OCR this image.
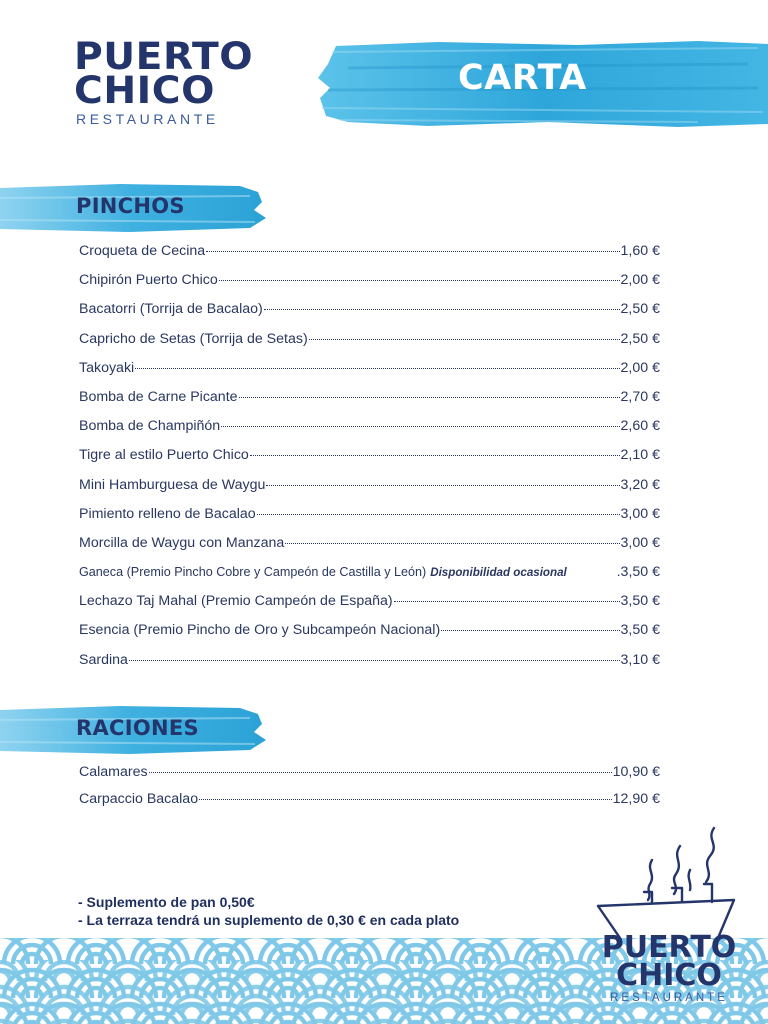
PUERTO
CHICO
RESTAURANTE
CARTA
PINCHOS
Croqueta de Cecina	1,60 €
Chipirón Puerto Chico	2,00 €
Bacatorri (Torrija de Bacalao)	2,50 €
Capricho de Setas (Torrija de Setas)	2,50 €
Takoyaki	2,00 €
Bomba de Carne Picante	2,70 €
Bomba de Champiñón	2,60 €
Tigre al estilo Puerto Chico	2,10 €
Mini Hamburguesa de Waygu	3,20 €
Pimiento relleno de Bacalao	3,00 €
Morcilla de Waygu con Manzana	3,00 €
Ganeca (Premio Pincho Cobre y Campeón de Castilla y León) Disponibilidad ocasional	.3,50 €
Lechazo Taj Mahal (Premio Campeón de España)	3,50 €
Esencia (Premio Pincho de Oro y Subcampeón Nacional)	3,50 €
Sardina	3,10 €
RACIONES
Calamares	10,90 €
Carpaccio Bacalao	12,90 €
- Suplemento de pan 0,50€
- La terraza tendrá un suplemento de 0,30 € en cada plato
PUERTO
CHICO
RESTAURANTE
